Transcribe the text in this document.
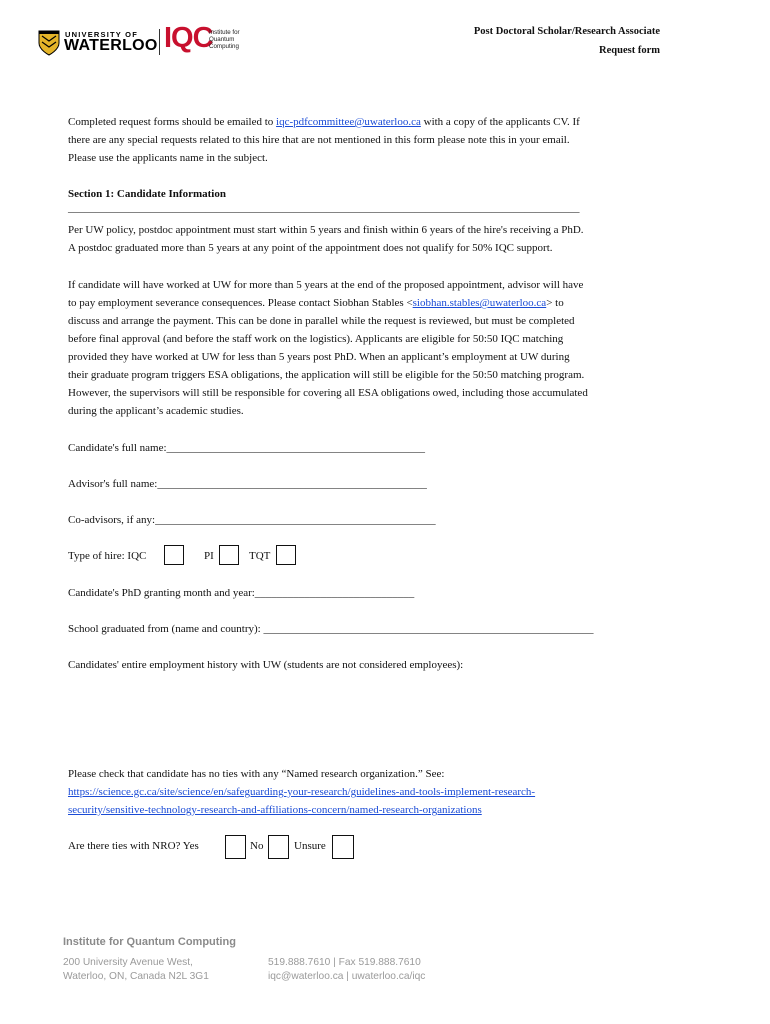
UNIVERSITY OF
WATERLOO IQC
Institute for
Quantum
Computing
Post Doctoral Scholar/Research Associate
Request form
Completed request forms should be emailed to iqc-pdfcommittee@uwaterloo.ca with a copy of the applicants CV. If
there are any special requests related to this hire that are not mentioned in this form please note this in your email.
Please use the applicants name in the subject.
Section 1: Candidate Information
_____________________________________________________________________________________________
Per UW policy, postdoc appointment must start within 5 years and finish within 6 years of the hire's receiving a PhD.
A postdoc graduated more than 5 years at any point of the appointment does not qualify for 50% IQC support.
If candidate will have worked at UW for more than 5 years at the end of the proposed appointment, advisor will have
to pay employment severance consequences. Please contact Siobhan Stables <siobhan.stables@uwaterloo.ca> to
discuss and arrange the payment. This can be done in parallel while the request is reviewed, but must be completed
before final approval (and before the staff work on the logistics). Applicants are eligible for 50:50 IQC matching
provided they have worked at UW for less than 5 years post PhD. When an applicant’s employment at UW during
their graduate program triggers ESA obligations, the application will still be eligible for the 50:50 matching program.
However, the supervisors will still be responsible for covering all ESA obligations owed, including those accumulated
during the applicant’s academic studies.
Candidate's full name:_______________________________________________
Advisor's full name:_________________________________________________
Co-advisors, if any:___________________________________________________
Type of hire: IQC	PI	TQT
Candidate's PhD granting month and year:_____________________________
School graduated from (name and country): ____________________________________________________________
Candidates' entire employment history with UW (students are not considered employees):
Please check that candidate has no ties with any “Named research organization.” See:
https://science.gc.ca/site/science/en/safeguarding-your-research/guidelines-and-tools-implement-research-
security/sensitive-technology-research-and-affiliations-concern/named-research-organizations
Are there ties with NRO? Yes	No	Unsure
Institute for Quantum Computing
200 University Avenue West,
Waterloo, ON, Canada N2L 3G1
519.888.7610 | Fax 519.888.7610
iqc@waterloo.ca | uwaterloo.ca/iqc
